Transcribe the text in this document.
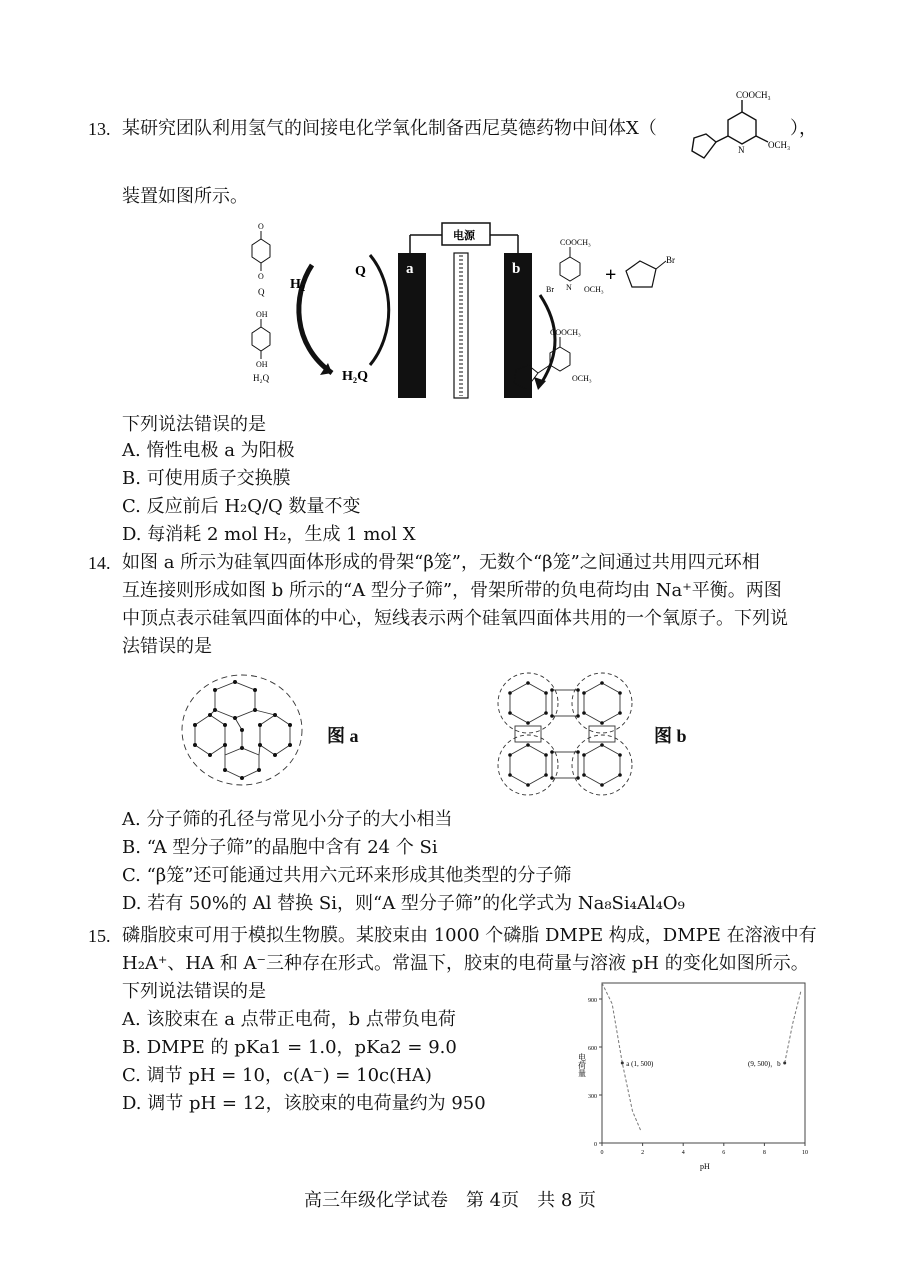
13. 某研究团队利用氢气的间接电化学氧化制备西尼莫德药物中间体X（
COOCH₃
N	OCH₃
），
装置如图所示。
O
O
Q
OH
OH
H₂Q
H₂
Q
H₂Q
电源
a	b
COOCH₃
N
Br	OCH₃
+
Br
COOCH₃
OCH₃
下列说法错误的是
A. 惰性电极 a 为阳极
B. 可使用质子交换膜
C. 反应前后 H₂Q/Q 数量不变
D. 每消耗 2 mol H₂，生成 1 mol X
14. 如图 a 所示为硅氧四面体形成的骨架“β笼”，无数个“β笼”之间通过共用四元环相
互连接则形成如图 b 所示的“A 型分子筛”，骨架所带的负电荷均由 Na⁺平衡。两图
中顶点表示硅氧四面体的中心，短线表示两个硅氧四面体共用的一个氧原子。下列说
法错误的是
图 a	图 b
A. 分子筛的孔径与常见小分子的大小相当
B. “A 型分子筛”的晶胞中含有 24 个 Si
C. “β笼”还可能通过共用六元环来形成其他类型的分子筛
D. 若有 50%的 Al 替换 Si，则“A 型分子筛”的化学式为 Na₈Si₄Al₄O₉
15. 磷脂胶束可用于模拟生物膜。某胶束由 1000 个磷脂 DMPE 构成，DMPE 在溶液中有
H₂A⁺、HA 和 A⁻三种存在形式。常温下，胶束的电荷量与溶液 pH 的变化如图所示。
下列说法错误的是
A. 该胶束在 a 点带正电荷，b 点带负电荷
B. DMPE 的 pKa1 = 1.0，pKa2 = 9.0
C. 调节 pH = 10，c(A⁻) = 10c(HA)
D. 调节 pH = 12，该胶束的电荷量约为 950
0
300
600
900
0	2	4	6	8	10
a (1, 500)	(9, 500)，b
电荷量
pH
高三年级化学试卷　第 4页　共 8 页
